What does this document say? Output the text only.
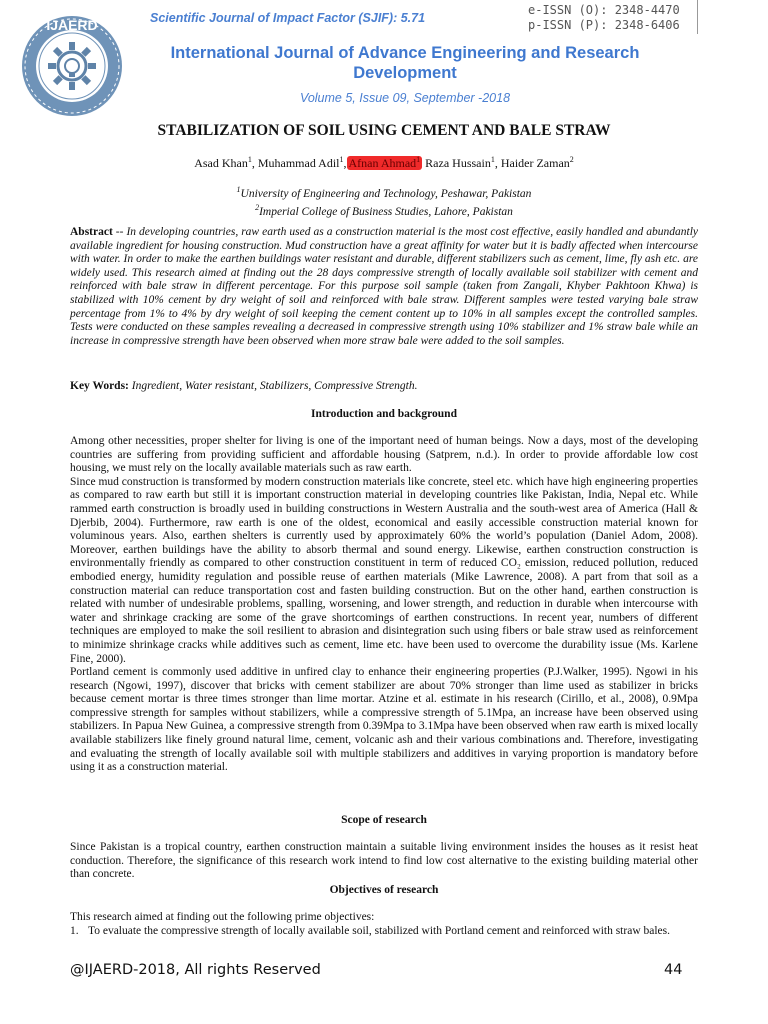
IJAERD	Scientific Journal of Impact Factor (SJIF): 5.71
e-ISSN (O): 2348-4470
p-ISSN (P): 2348-6406
International Journal of Advance Engineering and Research Development
Volume 5, Issue 09, September -2018
STABILIZATION OF SOIL USING CEMENT AND BALE STRAW
Asad Khan$^1$, Muhammad Adil$^1$, Afnan Ahmad$^1$ Raza Hussain$^1$, Haider Zaman$^2$
$^1$University of Engineering and Technology, Peshawar, Pakistan
$^2$Imperial College of Business Studies, Lahore, Pakistan
Abstract -- In developing countries, raw earth used as a construction material is the most cost effective, easily handled and abundantly available ingredient for housing construction. Mud construction have a great affinity for water but it is badly affected when intercourse with water. In order to make the earthen buildings water resistant and durable, different stabilizers such as cement, lime, fly ash etc. are widely used. This research aimed at finding out the 28 days compressive strength of locally available soil stabilizer with cement and reinforced with bale straw in different percentage. For this purpose soil sample (taken from Zangali, Khyber Pakhtoon Khwa) is stabilized with 10% cement by dry weight of soil and reinforced with bale straw. Different samples were tested varying bale straw percentage from 1% to 4% by dry weight of soil keeping the cement content up to 10% in all samples except the controlled samples. Tests were conducted on these samples revealing a decreased in compressive strength using 10% stabilizer and 1% straw bale while an increase in compressive strength have been observed when more straw bale were added to the soil samples.
Key Words: Ingredient, Water resistant, Stabilizers, Compressive Strength.
Introduction and background
Among other necessities, proper shelter for living is one of the important need of human beings. Now a days, most of the developing countries are suffering from providing sufficient and affordable housing (Satprem, n.d.). In order to provide affordable low cost housing, we must rely on the locally available materials such as raw earth.
Since mud construction is transformed by modern construction materials like concrete, steel etc. which have high engineering properties as compared to raw earth but still it is important construction material in developing countries like Pakistan, India, Nepal etc. While rammed earth construction is broadly used in building constructions in Western Australia and the south-west area of America (Hall & Djerbib, 2004). Furthermore, raw earth is one of the oldest, economical and easily accessible construction material known for voluminous years. Also, earthen shelters is currently used by approximately 60% the world’s population (Daniel Adom, 2008). Moreover, earthen buildings have the ability to absorb thermal and sound energy. Likewise, earthen construction construction is environmentally friendly as compared to other construction constituent in term of reduced CO₂ emission, reduced pollution, reduced embodied energy, humidity regulation and possible reuse of earthen materials (Mike Lawrence, 2008). A part from that soil as a construction material can reduce transportation cost and fasten building construction. But on the other hand, earthen construction is related with number of undesirable problems, spalling, worsening, and lower strength, and reduction in durable when intercourse with water and shrinkage cracking are some of the grave shortcomings of earthen constructions. In recent year, numbers of different techniques are employed to make the soil resilient to abrasion and disintegration such using fibers or bale straw used as reinforcement to minimize shrinkage cracks while additives such as cement, lime etc. have been used to overcome the durability issue (Ms. Karlene Fine, 2000).
Portland cement is commonly used additive in unfired clay to enhance their engineering properties (P.J.Walker, 1995). Ngowi in his research (Ngowi, 1997), discover that bricks with cement stabilizer are about 70% stronger than lime used as stabilizer in bricks because cement mortar is three times stronger than lime mortar. Atzine et al. estimate in his research (Cirillo, et al., 2008), 0.9Mpa compressive strength for samples without stabilizers, while a compressive strength of 5.1Mpa, an increase have been observed using stabilizers. In Papua New Guinea, a compressive strength from 0.39Mpa to 3.1Mpa have been observed when raw earth is mixed locally available stabilizers like finely ground natural lime, cement, volcanic ash and their various combinations and. Therefore, investigating and evaluating the strength of locally available soil with multiple stabilizers and additives in varying proportion is mandatory before using it as a construction material.
Scope of research
Since Pakistan is a tropical country, earthen construction maintain a suitable living environment insides the houses as it resist heat conduction. Therefore, the significance of this research work intend to find low cost alternative to the existing building material other than concrete.
Objectives of research
This research aimed at finding out the following prime objectives:
1. To evaluate the compressive strength of locally available soil, stabilized with Portland cement and reinforced with straw bales.
@IJAERD-2018, All rights Reserved	44
